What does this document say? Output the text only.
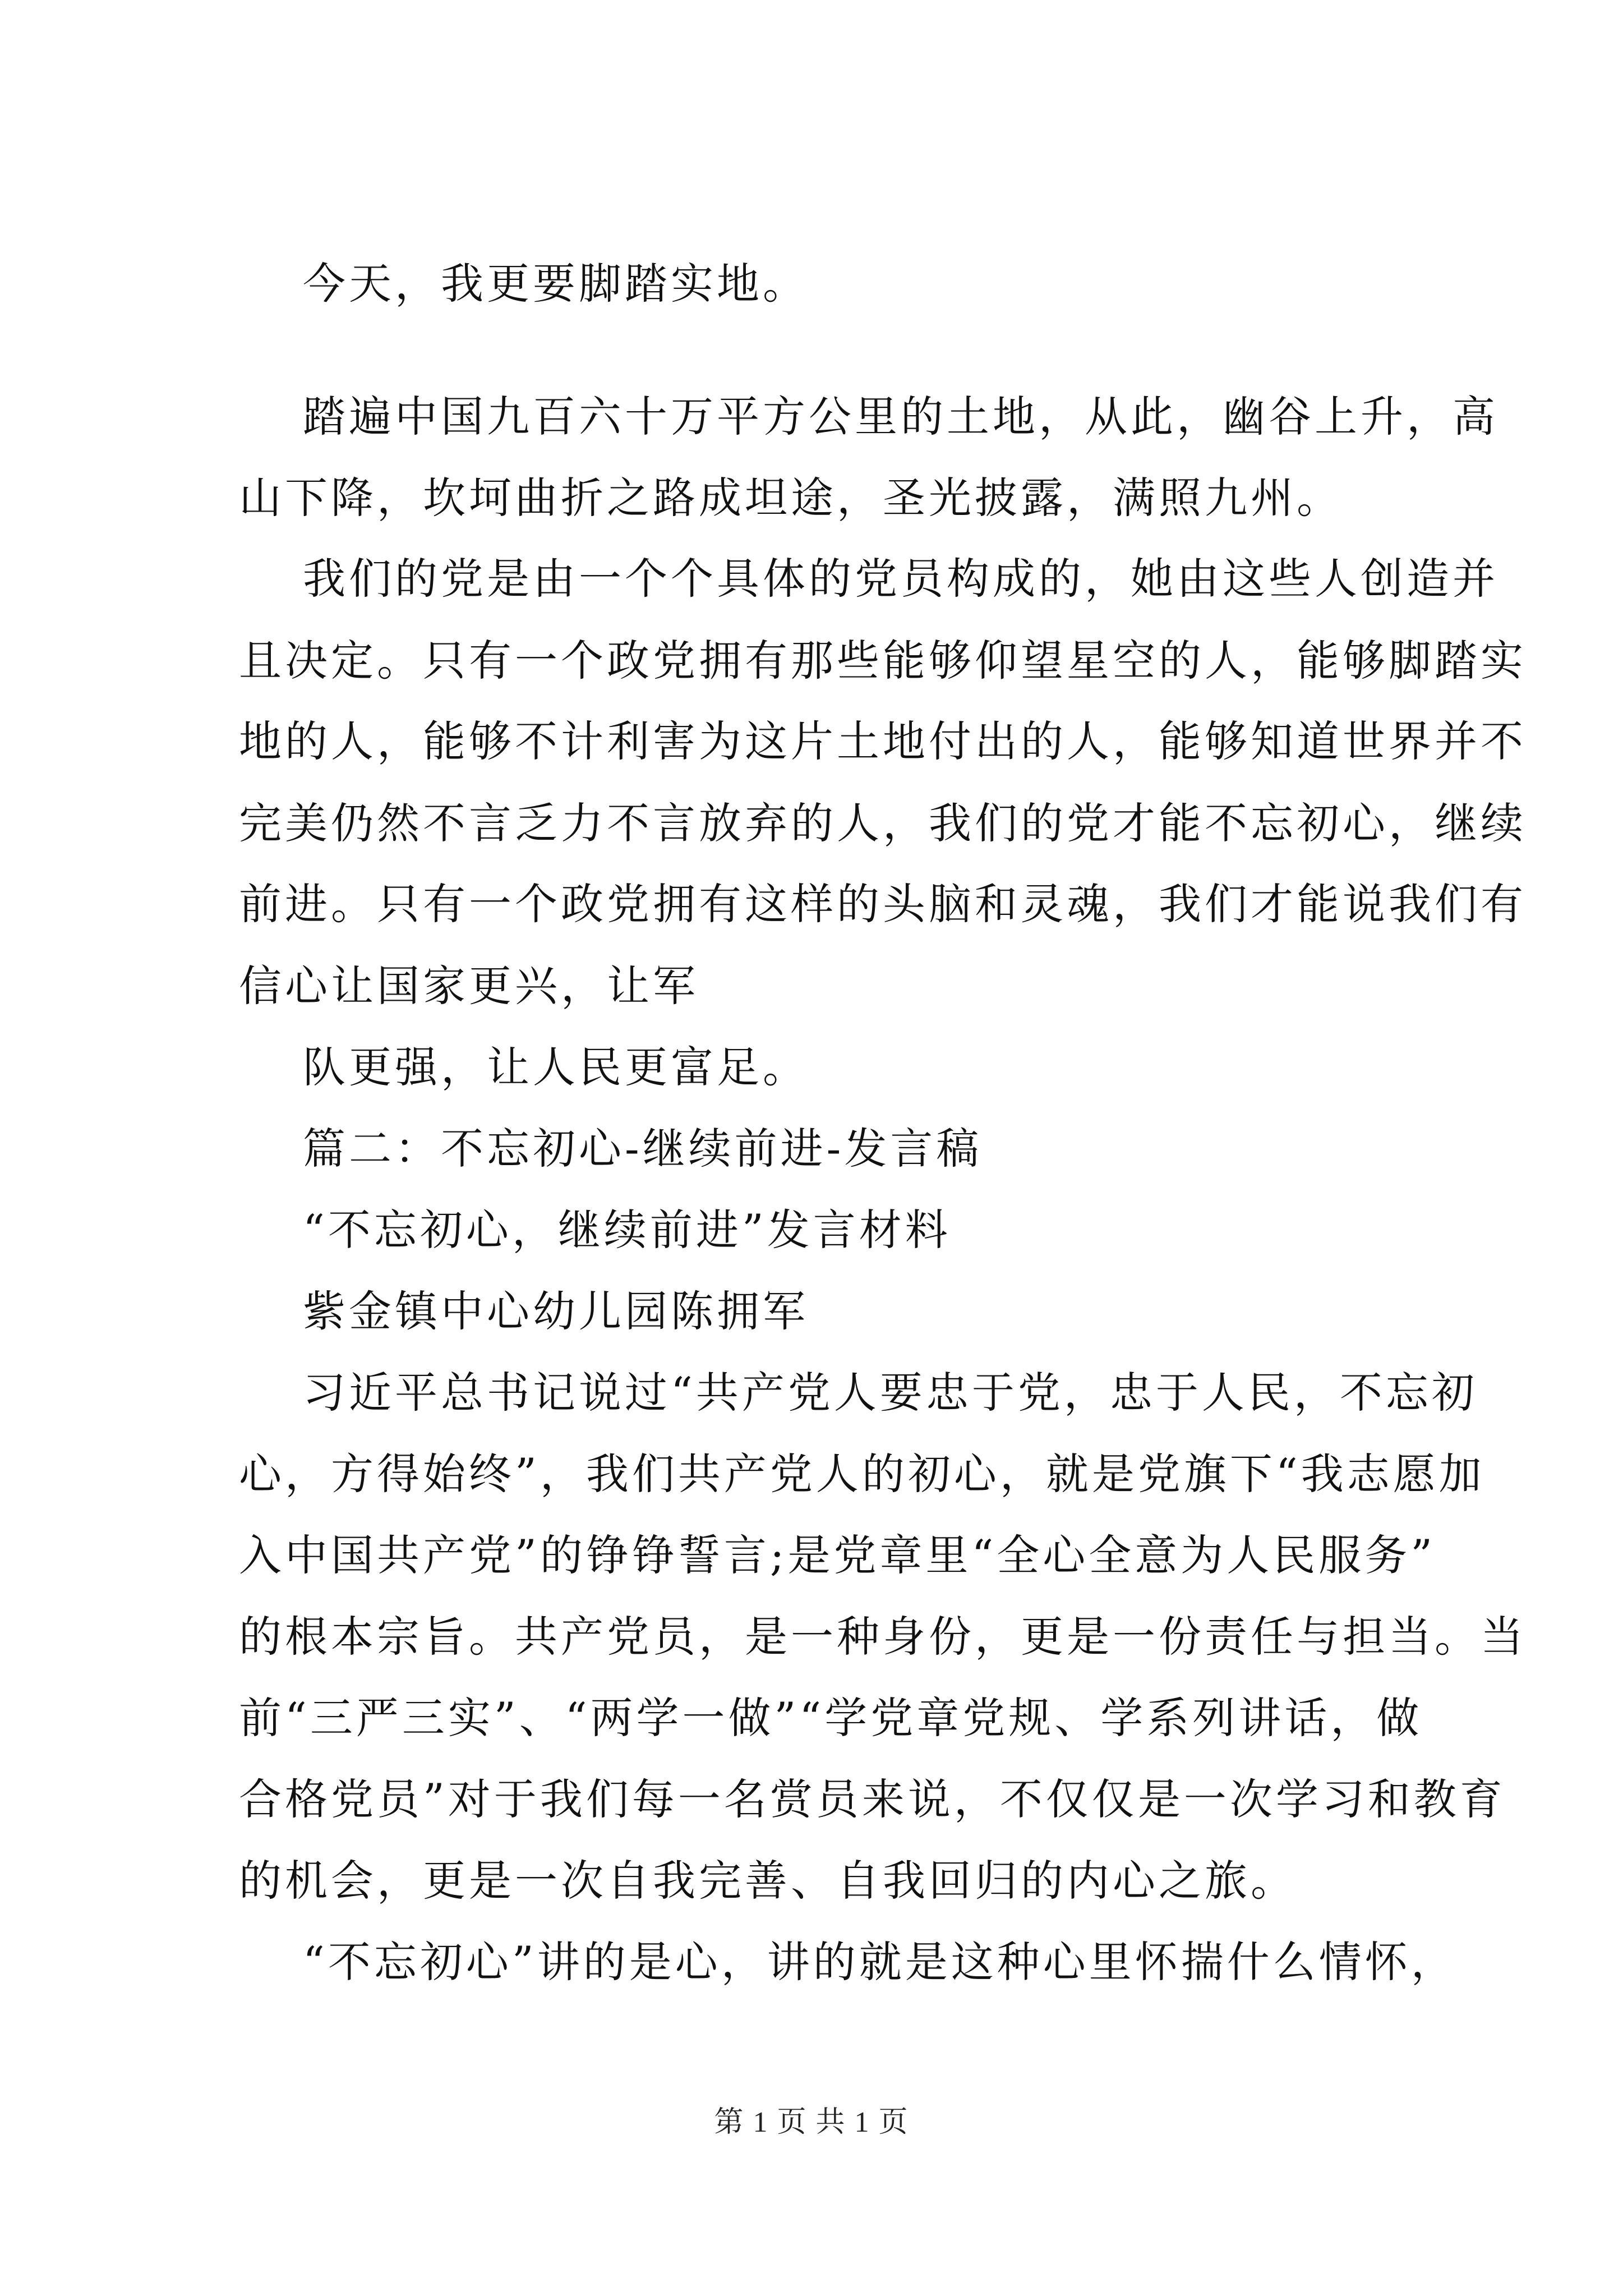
今天，我更要脚踏实地。
踏遍中国九百六十万平方公里的土地，从此，幽谷上升，高
山下降，坎坷曲折之路成坦途，圣光披露，满照九州。
我们的党是由一个个具体的党员构成的，她由这些人创造并
且决定。只有一个政党拥有那些能够仰望星空的人，能够脚踏实
地的人，能够不计利害为这片土地付出的人，能够知道世界并不
完美仍然不言乏力不言放弃的人，我们的党才能不忘初心，继续
前进。只有一个政党拥有这样的头脑和灵魂，我们才能说我们有
信心让国家更兴，让军
队更强，让人民更富足。
篇二：不忘初心-继续前进-发言稿
“不忘初心，继续前进”发言材料
紫金镇中心幼儿园陈拥军
习近平总书记说过“共产党人要忠于党，忠于人民，不忘初
心，方得始终”，我们共产党人的初心，就是党旗下“我志愿加
入中国共产党”的铮铮誓言;是党章里“全心全意为人民服务”
的根本宗旨。共产党员，是一种身份，更是一份责任与担当。当
前“三严三实”、“两学一做”“学党章党规、学系列讲话，做
合格党员”对于我们每一名赏员来说，不仅仅是一次学习和教育
的机会，更是一次自我完善、自我回归的内心之旅。
“不忘初心”讲的是心，讲的就是这种心里怀揣什么情怀，
第 1 页 共 1 页
